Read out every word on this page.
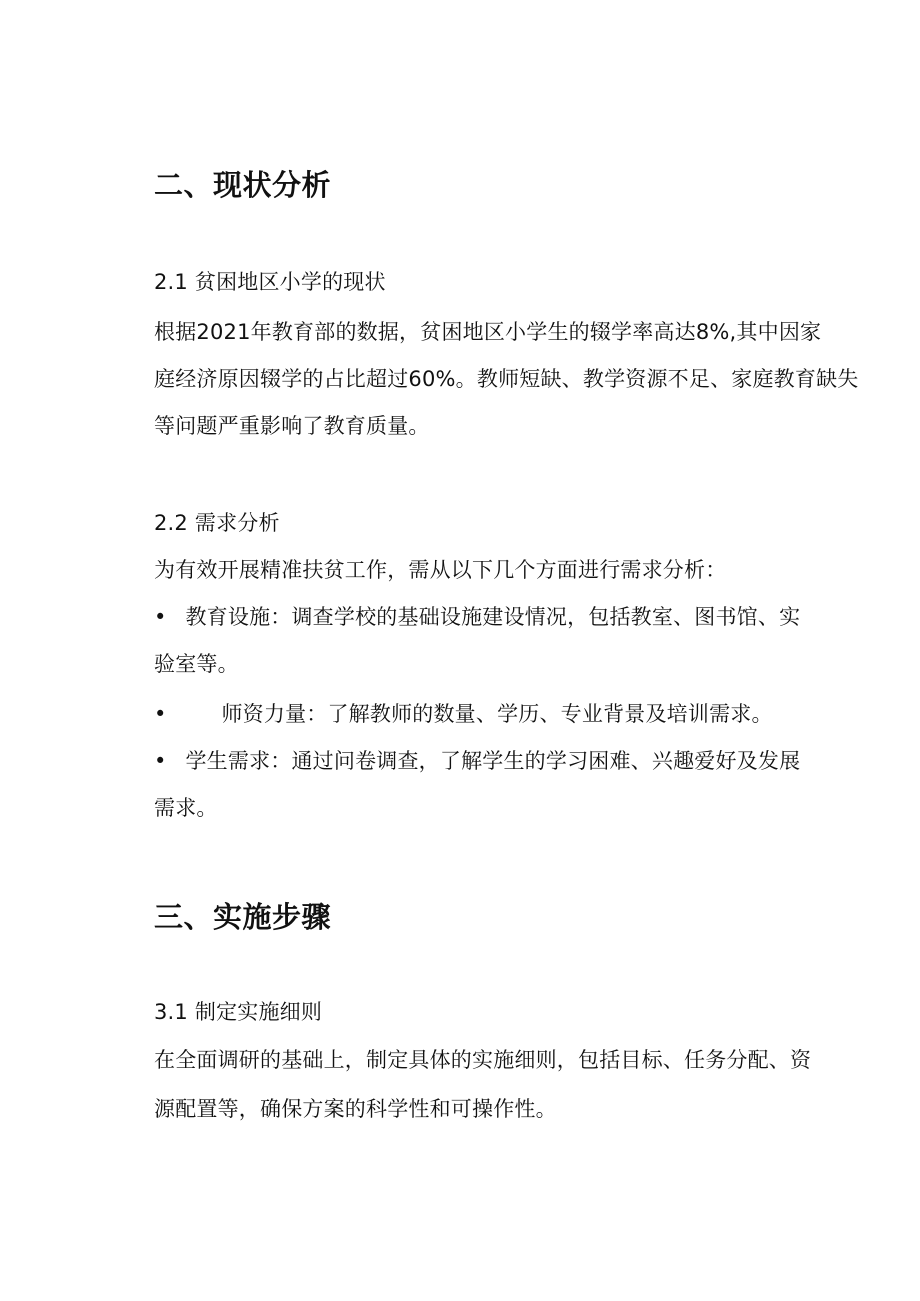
二、现状分析
2.1 贫困地区小学的现状
根据2021年教育部的数据，贫困地区小学生的辍学率高达8%,其中因家
庭经济原因辍学的占比超过60%。教师短缺、教学资源不足、家庭教育缺失
等问题严重影响了教育质量。
2.2 需求分析
为有效开展精准扶贫工作，需从以下几个方面进行需求分析：
• 教育设施：调查学校的基础设施建设情况，包括教室、图书馆、实
验室等。
•	师资力量：了解教师的数量、学历、专业背景及培训需求。
• 学生需求：通过问卷调查，了解学生的学习困难、兴趣爱好及发展
需求。
三、实施步骤
3.1 制定实施细则
在全面调研的基础上，制定具体的实施细则，包括目标、任务分配、资
源配置等，确保方案的科学性和可操作性。
